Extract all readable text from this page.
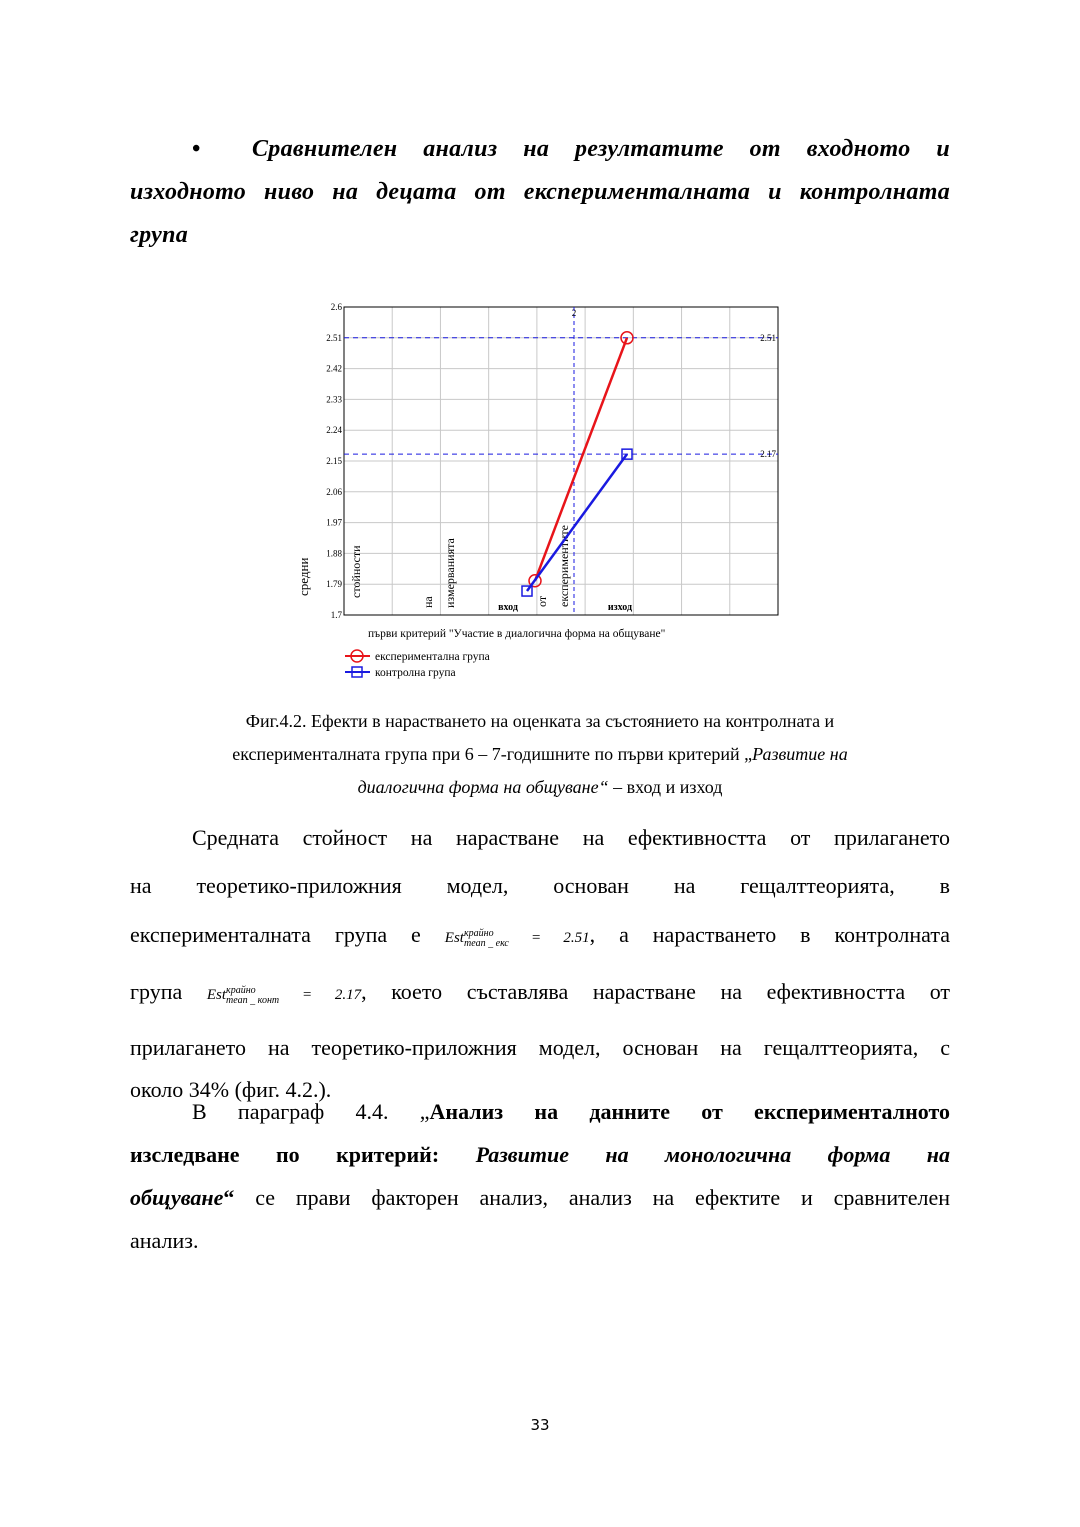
• Сравнителен анализ на резултатите от входното и
изходното ниво на децата от експерименталната и контролната
група
2.6
2.51
2.42
2.33
2.24
2.15
2.06
1.97
1.88
1.79
1.7
2.51
2.17
2
средни	стойности
на измерванията	от експериментите
вход	изход
първи критерий "Участие в диалогична форма на общуване"
експериментална група
контролна група
Фиг.4.2. Ефекти в нарастването на оценката за състоянието на контролната и
експерименталната група при 6 – 7-годишните по първи критерий „Развитие на
диалогична форма на общуване“ – вход и изход
Средната стойност на нарастване на ефективността от прилагането
на теоретико-приложния модел, основан на гещалттеорията, в
експерименталната група е Est крайно
mean _ екс = 2.51, а нарастването в контролната
група Est крайно
mean _ конт = 2.17, което съставлява нарастване на ефективността от
прилагането на теоретико-приложния модел, основан на гещалттеорията, с
около 34% (фиг. 4.2.).
В параграф 4.4. „Анализ на данните от експерименталното
изследване по критерий: Развитие на монологична форма на
общуване“ се прави факторен анализ, анализ на ефектите и сравнителен
анализ.
33
